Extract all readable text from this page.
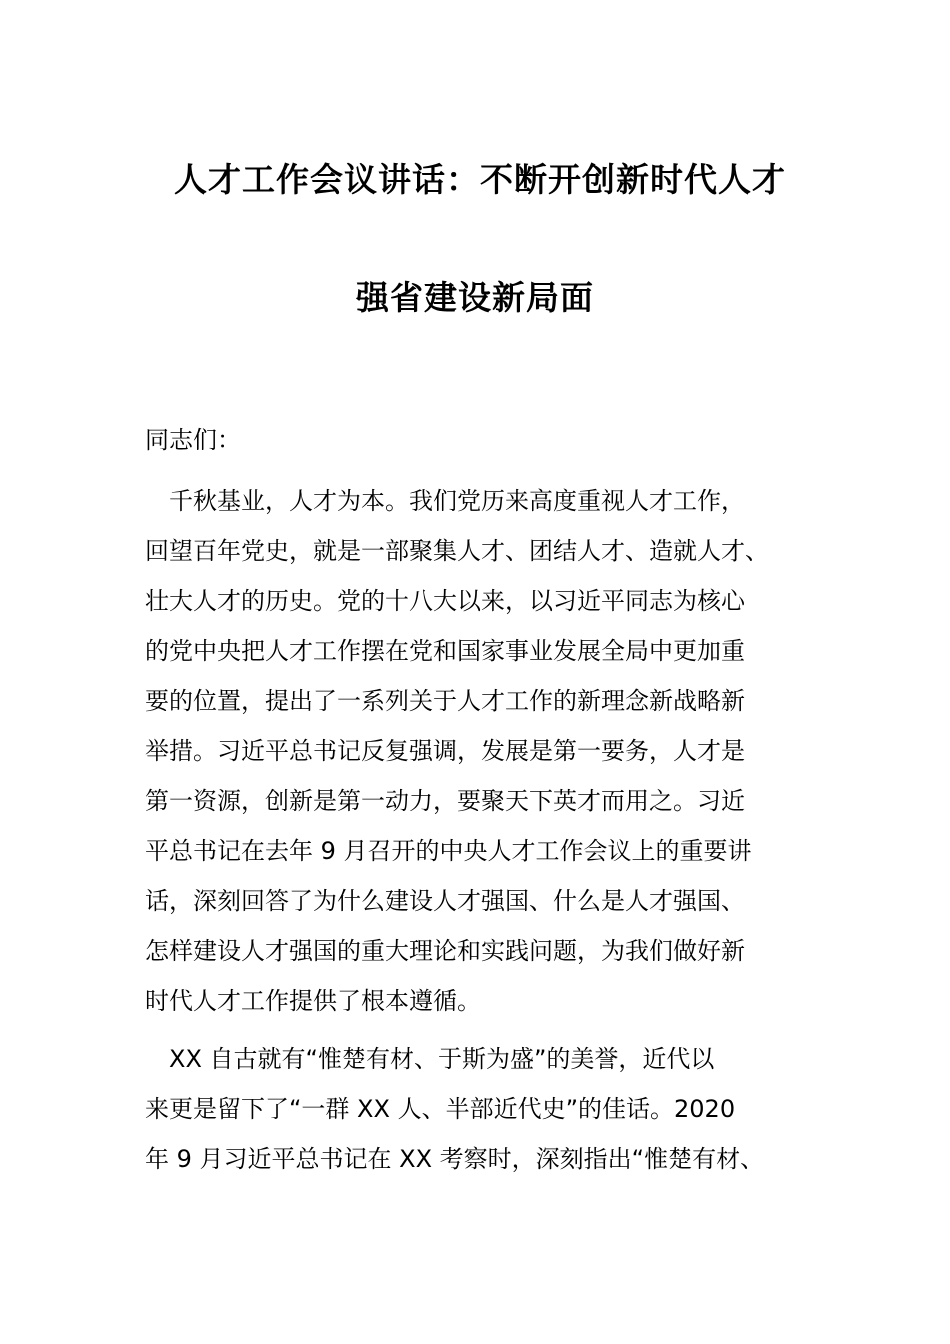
人才工作会议讲话：不断开创新时代人才
强省建设新局面
同志们：
　千秋基业，人才为本。我们党历来高度重视人才工作，
回望百年党史，就是一部聚集人才、团结人才、造就人才、
壮大人才的历史。党的十八大以来，以习近平同志为核心
的党中央把人才工作摆在党和国家事业发展全局中更加重
要的位置，提出了一系列关于人才工作的新理念新战略新
举措。习近平总书记反复强调，发展是第一要务，人才是
第一资源，创新是第一动力，要聚天下英才而用之。习近
平总书记在去年 9 月召开的中央人才工作会议上的重要讲
话，深刻回答了为什么建设人才强国、什么是人才强国、
怎样建设人才强国的重大理论和实践问题，为我们做好新
时代人才工作提供了根本遵循。
　XX 自古就有“惟楚有材、于斯为盛”的美誉，近代以
来更是留下了“一群 XX 人、半部近代史”的佳话。2020
年 9 月习近平总书记在 XX 考察时，深刻指出“惟楚有材、
